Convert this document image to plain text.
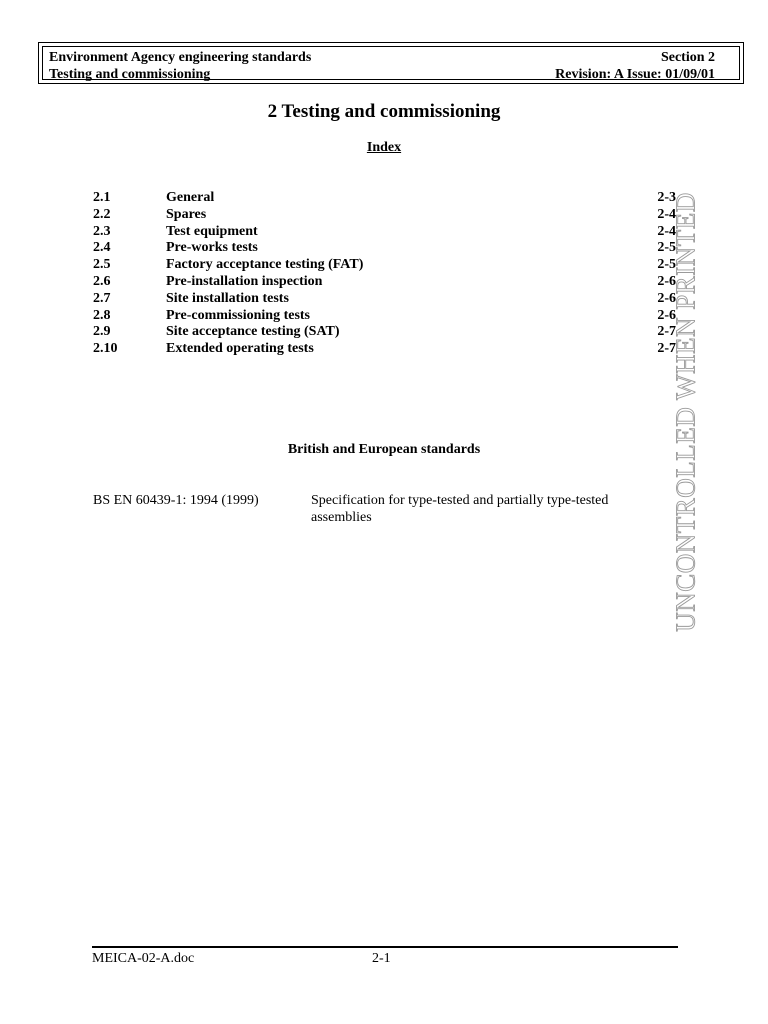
Environment Agency engineering standards	Section 2
Testing and commissioning	Revision: A Issue: 01/09/01
2 Testing and commissioning
Index
2.1	General	2-3
2.2	Spares	2-4
2.3	Test equipment	2-4
2.4	Pre-works tests	2-5
2.5	Factory acceptance testing (FAT)	2-5
2.6	Pre-installation inspection	2-6
2.7	Site installation tests	2-6
2.8	Pre-commissioning tests	2-6
2.9	Site acceptance testing (SAT)	2-7
2.10	Extended operating tests	2-7
British and European standards
BS EN 60439-1: 1994 (1999)	Specification for type-tested and partially type-tested assemblies	UNCONTROLLED WHEN PRINTED
MEICA-02-A.doc	2-1
